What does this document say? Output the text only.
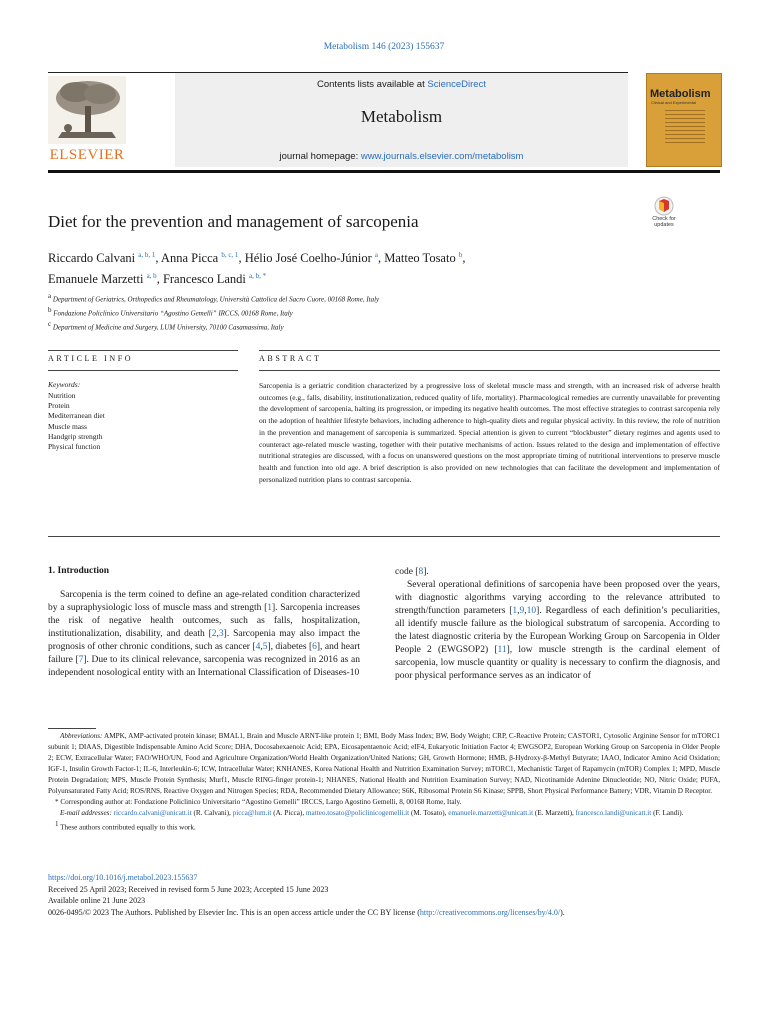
Metabolism 146 (2023) 155637
ELSEVIER
Contents lists available at ScienceDirect
Metabolism
journal homepage: www.journals.elsevier.com/metabolism
Metabolism
Clinical and Experimental
Diet for the prevention and management of sarcopenia	Check for
updates
Riccardo Calvani $^{a, b, 1}$, Anna Picca $^{b, c, 1}$, Hélio José Coelho-Júnior $^a$, Matteo Tosato $^b$,
Emanuele Marzetti $^{a, b}$, Francesco Landi $^{a, b, *}$
$^a$ Department of Geriatrics, Orthopedics and Rheumatology, Università Cattolica del Sacro Cuore, 00168 Rome, Italy
$^b$ Fondazione Policlinico Universitario “Agostino Gemelli” IRCCS, 00168 Rome, Italy
$^c$ Department of Medicine and Surgery, LUM University, 70100 Casamassima, Italy
ARTICLE INFO	ABSTRACT
Keywords:
Nutrition
Protein
Mediterranean diet
Muscle mass
Handgrip strength
Physical function
Sarcopenia is a geriatric condition characterized by a progressive loss of skeletal muscle mass and strength, with an increased risk of adverse health outcomes (e.g., falls, disability, institutionalization, reduced quality of life, mortality). Pharmacological remedies are currently unavailable for preventing the development of sarcopenia, halting its progression, or impeding its negative health outcomes. The most effective strategies to contrast sarcopenia rely on the adoption of healthier lifestyle behaviors, including adherence to high-quality diets and regular physical activity. In this review, the role of nutrition in the prevention and management of sarcopenia is summarized. Special attention is given to current “blockbuster” dietary regimes and agents used to counteract age-related muscle wasting, together with their putative mechanisms of action. Issues related to the design and implementation of effective nutritional strategies are discussed, with a focus on unanswered questions on the most appropriate timing of nutritional interventions to preserve muscle health and function into old age. A brief description is also provided on new technologies that can facilitate the development and implementation of personalized nutrition plans to contrast sarcopenia.
1. Introduction

Sarcopenia is the term coined to define an age-related condition characterized by a supraphysiologic loss of muscle mass and strength [1]. Sarcopenia increases the risk of negative health outcomes, such as falls, hospitalization, institutionalization, disability, and death [2,3]. Sarcopenia may also impact the prognosis of other chronic conditions, such as cancer [4,5], diabetes [6], and heart failure [7]. Due to its clinical relevance, sarcopenia was recognized in 2016 as an independent nosological entity with an International Classification of Diseases-10

code [8].

Several operational definitions of sarcopenia have been proposed over the years, with diagnostic algorithms varying according to the relevance attributed to strength/function parameters [1,9,10]. Regardless of each definition’s peculiarities, all identify muscle failure as the biological substratum of sarcopenia. According to the latest diagnostic criteria by the European Working Group on Sarcopenia in Older People 2 (EWGSOP2) [11], low muscle strength is the cardinal element of sarcopenia, low muscle quantity or quality is necessary to confirm the diagnosis, and poor physical performance serves as an indicator of

Abbreviations: AMPK, AMP-activated protein kinase; BMAL1, Brain and Muscle ARNT-like protein 1; BMI, Body Mass Index; BW, Body Weight; CRP, C-Reactive Protein; CASTOR1, Cytosolic Arginine Sensor for mTORC1 subunit 1; DIAAS, Digestible Indispensable Amino Acid Score; DHA, Docosahexaenoic Acid; EPA, Eicosapentaenoic Acid; eIF4, Eukaryotic Initiation Factor 4; EWGSOP2, European Working Group on Sarcopenia in Older People 2; ECW, Extracellular Water; FAO/WHO/UN, Food and Agriculture Organization/World Health Organization/United Nations; GH, Growth Hormone; HMB, β-Hydroxy-β-Methyl Butyrate; IAAO, Indicator Amino Acid Oxidation; IGF-1, Insulin Growth Factor-1; IL-6, Interleukin-6; ICW, Intracellular Water; KNHANES, Korea National Health and Nutrition Examination Survey; mTORC1, Mechanistic Target of Rapamycin (mTOR) Complex 1; MPD, Muscle Protein Degradation; MPS, Muscle Protein Synthesis; Murf1, Muscle RING-finger protein-1; NHANES, National Health and Nutrition Examination Survey; NAD, Nicotinamide Adenine Dinucleotide; NO, Nitric Oxide; PUFA, Polyunsaturated Fatty Acid; ROS/RNS, Reactive Oxygen and Nitrogen Species; RDA, Recommended Dietary Allowance; S6K, Ribosomal Protein S6 Kinase; SPPB, Short Physical Performance Battery; VDR, Vitamin D Receptor.

* Corresponding author at: Fondazione Policlinico Universitario “Agostino Gemelli” IRCCS, Largo Agostino Gemelli, 8, 00168 Rome, Italy.

E-mail addresses: riccardo.calvani@unicatt.it (R. Calvani), picca@lum.it (A. Picca), matteo.tosato@policlinicogemelli.it (M. Tosato), emanuele.marzetti@unicatt.it (E. Marzetti), francesco.landi@unicatt.it (F. Landi).

$^1$ These authors contributed equally to this work.

https://doi.org/10.1016/j.metabol.2023.155637

Received 25 April 2023; Received in revised form 5 June 2023; Accepted 15 June 2023

Available online 21 June 2023

0026-0495/© 2023 The Authors. Published by Elsevier Inc. This is an open access article under the CC BY license (http://creativecommons.org/licenses/by/4.0/).
